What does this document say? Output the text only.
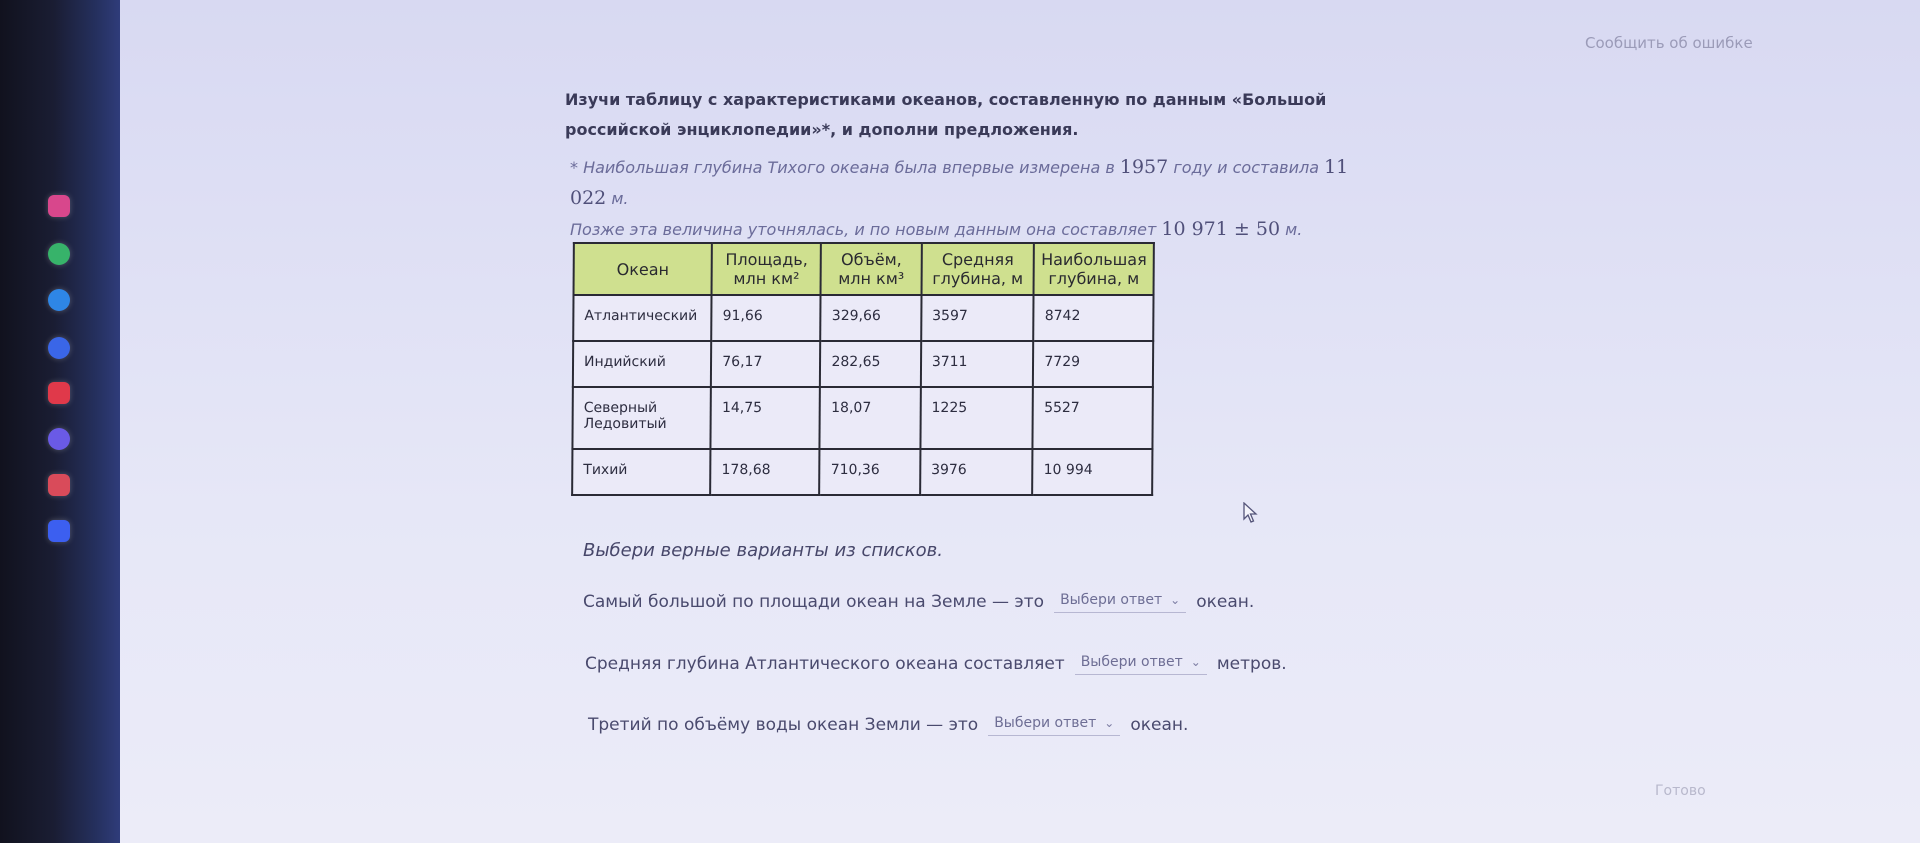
Сообщить об ошибке
Изучи таблицу с характеристиками океанов, составленную по данным «Большой российской энциклопедии»*, и дополни предложения.
* Наибольшая глубина Тихого океана была впервые измерена в 1957 году и составила 11 022 м.
Позже эта величина уточнялась, и по новым данным она составляет 10 971 ± 50 м.
Океан	Площадь, млн км²	Объём, млн км³	Средняя глубина, м	Наибольшая глубина, м
Атлантический	91,66	329,66	3597	8742
Индийский	76,17	282,65	3711	7729
Северный Ледовитый	14,75	18,07	1225	5527
Тихий	178,68	710,36	3976	10 994
Выбери верные варианты из списков.
Самый большой по площади океан на Земле — это Выбери ответ ⌄ океан.
Средняя глубина Атлантического океана составляет Выбери ответ ⌄ метров.
Третий по объёму воды океан Земли — это Выбери ответ ⌄ океан.
Готово
